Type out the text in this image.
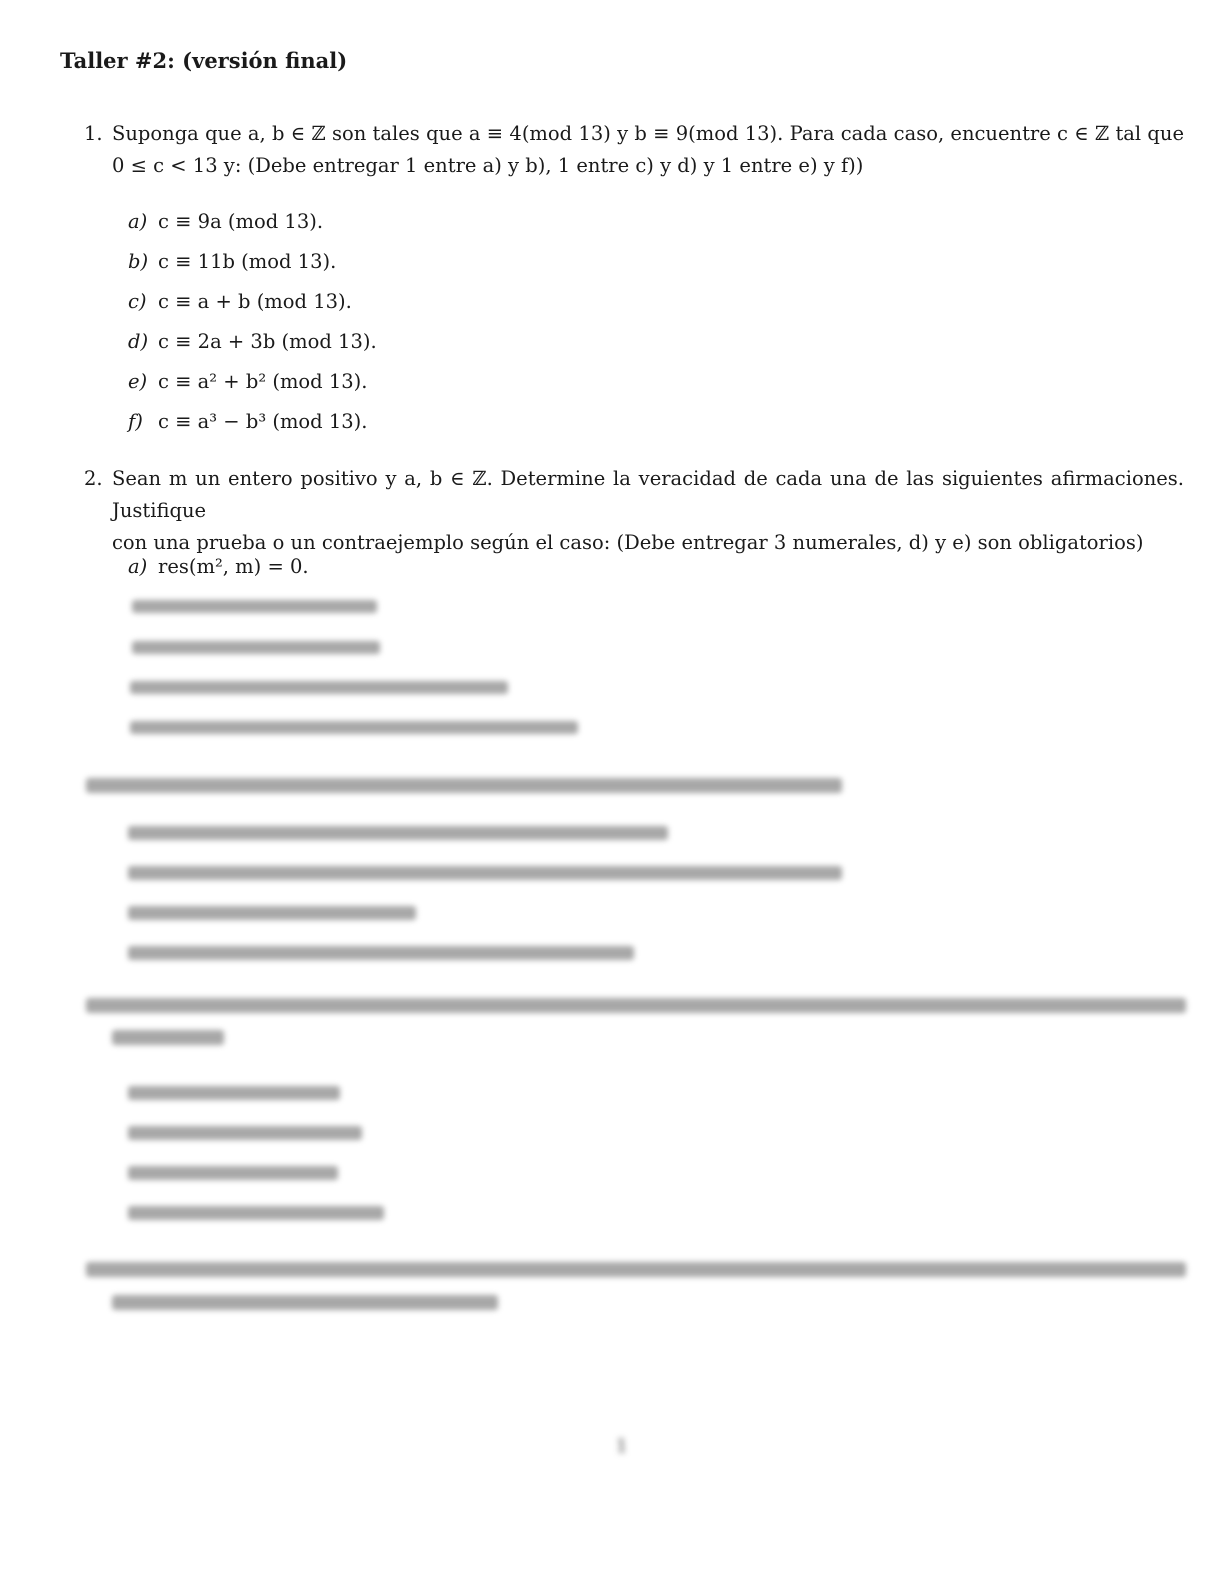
Taller #2: (versión final)
1. Suponga que a, b ∈ ℤ son tales que a ≡ 4(mod 13) y b ≡ 9(mod 13). Para cada caso, encuentre c ∈ ℤ tal que
0 ≤ c < 13 y: (Debe entregar 1 entre a) y b), 1 entre c) y d) y 1 entre e) y f))
a) c ≡ 9a (mod 13).
b) c ≡ 11b (mod 13).
c) c ≡ a + b (mod 13).
d) c ≡ 2a + 3b (mod 13).
e) c ≡ a² + b² (mod 13).
f) c ≡ a³ − b³ (mod 13).
2. Sean m un entero positivo y a, b ∈ ℤ. Determine la veracidad de cada una de las siguientes afirmaciones. Justifique
con una prueba o un contraejemplo según el caso: (Debe entregar 3 numerales, d) y e) son obligatorios)
a) res(m², m) = 0.
1
